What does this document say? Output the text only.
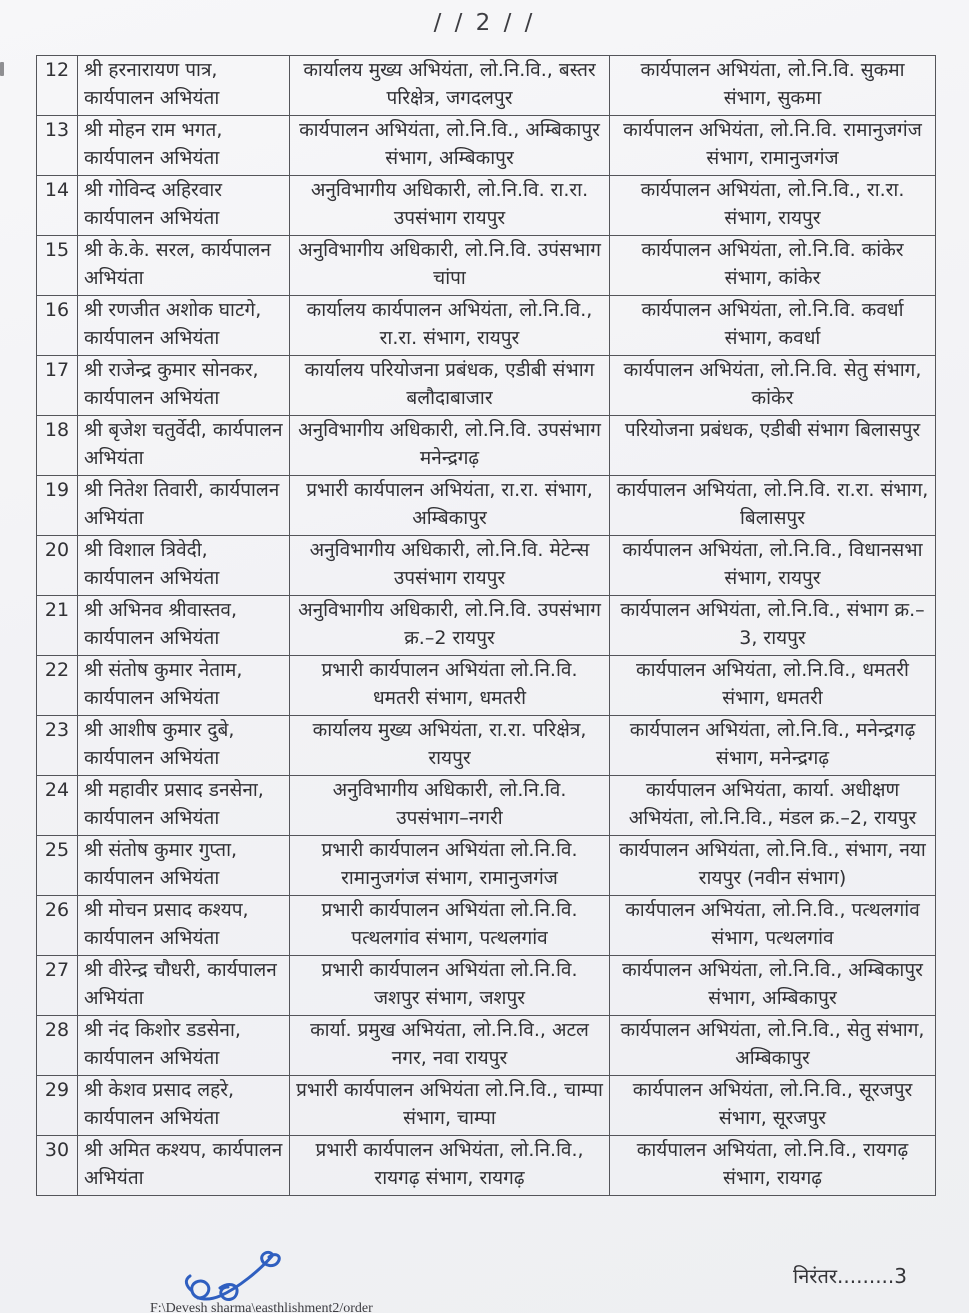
/ / 2 / /
12	श्री हरनारायण पात्र, कार्यपालन अभियंता	कार्यालय मुख्य अभियंता, लो.नि.वि., बस्तर परिक्षेत्र, जगदलपुर	कार्यपालन अभियंता, लो.नि.वि. सुकमा संभाग, सुकमा
13	श्री मोहन राम भगत, कार्यपालन अभियंता	कार्यपालन अभियंता, लो.नि.वि., अम्बिकापुर संभाग, अम्बिकापुर	कार्यपालन अभियंता, लो.नि.वि. रामानुजगंज संभाग, रामानुजगंज
14	श्री गोविन्द अहिरवार कार्यपालन अभियंता	अनुविभागीय अधिकारी, लो.नि.वि. रा.रा. उपसंभाग रायपुर	कार्यपालन अभियंता, लो.नि.वि., रा.रा. संभाग, रायपुर
15	श्री के.के. सरल, कार्यपालन अभियंता	अनुविभागीय अधिकारी, लो.नि.वि. उपंसभाग चांपा	कार्यपालन अभियंता, लो.नि.वि. कांकेर संभाग, कांकेर
16	श्री रणजीत अशोक घाटगे, कार्यपालन अभियंता	कार्यालय कार्यपालन अभियंता, लो.नि.वि., रा.रा. संभाग, रायपुर	कार्यपालन अभियंता, लो.नि.वि. कवर्धा संभाग, कवर्धा
17	श्री राजेन्द्र कुमार सोनकर, कार्यपालन अभियंता	कार्यालय परियोजना प्रबंधक, एडीबी संभाग बलौदाबाजार	कार्यपालन अभियंता, लो.नि.वि. सेतु संभाग, कांकेर
18	श्री बृजेश चतुर्वेदी, कार्यपालन अभियंता	अनुविभागीय अधिकारी, लो.नि.वि. उपसंभाग मनेन्द्रगढ़	परियोजना प्रबंधक, एडीबी संभाग बिलासपुर
19	श्री नितेश तिवारी, कार्यपालन अभियंता	प्रभारी कार्यपालन अभियंता, रा.रा. संभाग, अम्बिकापुर	कार्यपालन अभियंता, लो.नि.वि. रा.रा. संभाग, बिलासपुर
20	श्री विशाल त्रिवेदी, कार्यपालन अभियंता	अनुविभागीय अधिकारी, लो.नि.वि. मेटेन्स उपसंभाग रायपुर	कार्यपालन अभियंता, लो.नि.वि., विधानसभा संभाग, रायपुर
21	श्री अभिनव श्रीवास्तव, कार्यपालन अभियंता	अनुविभागीय अधिकारी, लो.नि.वि. उपसंभाग क्र.–2 रायपुर	कार्यपालन अभियंता, लो.नि.वि., संभाग क्र.–3, रायपुर
22	श्री संतोष कुमार नेताम, कार्यपालन अभियंता	प्रभारी कार्यपालन अभियंता लो.नि.वि. धमतरी संभाग, धमतरी	कार्यपालन अभियंता, लो.नि.वि., धमतरी संभाग, धमतरी
23	श्री आशीष कुमार दुबे, कार्यपालन अभियंता	कार्यालय मुख्य अभियंता, रा.रा. परिक्षेत्र, रायपुर	कार्यपालन अभियंता, लो.नि.वि., मनेन्द्रगढ़ संभाग, मनेन्द्रगढ़
24	श्री महावीर प्रसाद डनसेना, कार्यपालन अभियंता	अनुविभागीय अधिकारी, लो.नि.वि. उपसंभाग–नगरी	कार्यपालन अभियंता, कार्या. अधीक्षण अभियंता, लो.नि.वि., मंडल क्र.–2, रायपुर
25	श्री संतोष कुमार गुप्ता, कार्यपालन अभियंता	प्रभारी कार्यपालन अभियंता लो.नि.वि. रामानुजगंज संभाग, रामानुजगंज	कार्यपालन अभियंता, लो.नि.वि., संभाग, नया रायपुर (नवीन संभाग)
26	श्री मोचन प्रसाद कश्यप, कार्यपालन अभियंता	प्रभारी कार्यपालन अभियंता लो.नि.वि. पत्थलगांव संभाग, पत्थलगांव	कार्यपालन अभियंता, लो.नि.वि., पत्थलगांव संभाग, पत्थलगांव
27	श्री वीरेन्द्र चौधरी, कार्यपालन अभियंता	प्रभारी कार्यपालन अभियंता लो.नि.वि. जशपुर संभाग, जशपुर	कार्यपालन अभियंता, लो.नि.वि., अम्बिकापुर संभाग, अम्बिकापुर
28	श्री नंद किशोर डडसेना, कार्यपालन अभियंता	कार्या. प्रमुख अभियंता, लो.नि.वि., अटल नगर, नवा रायपुर	कार्यपालन अभियंता, लो.नि.वि., सेतु संभाग, अम्बिकापुर
29	श्री केशव प्रसाद लहरे, कार्यपालन अभियंता	प्रभारी कार्यपालन अभियंता लो.नि.वि., चाम्पा संभाग, चाम्पा	कार्यपालन अभियंता, लो.नि.वि., सूरजपुर संभाग, सूरजपुर
30	श्री अमित कश्यप, कार्यपालन अभियंता	प्रभारी कार्यपालन अभियंता, लो.नि.वि., रायगढ़ संभाग, रायगढ़	कार्यपालन अभियंता, लो.नि.वि., रायगढ़ संभाग, रायगढ़
निरंतर.........3
F:\Devesh sharma\easthlishment2/order
